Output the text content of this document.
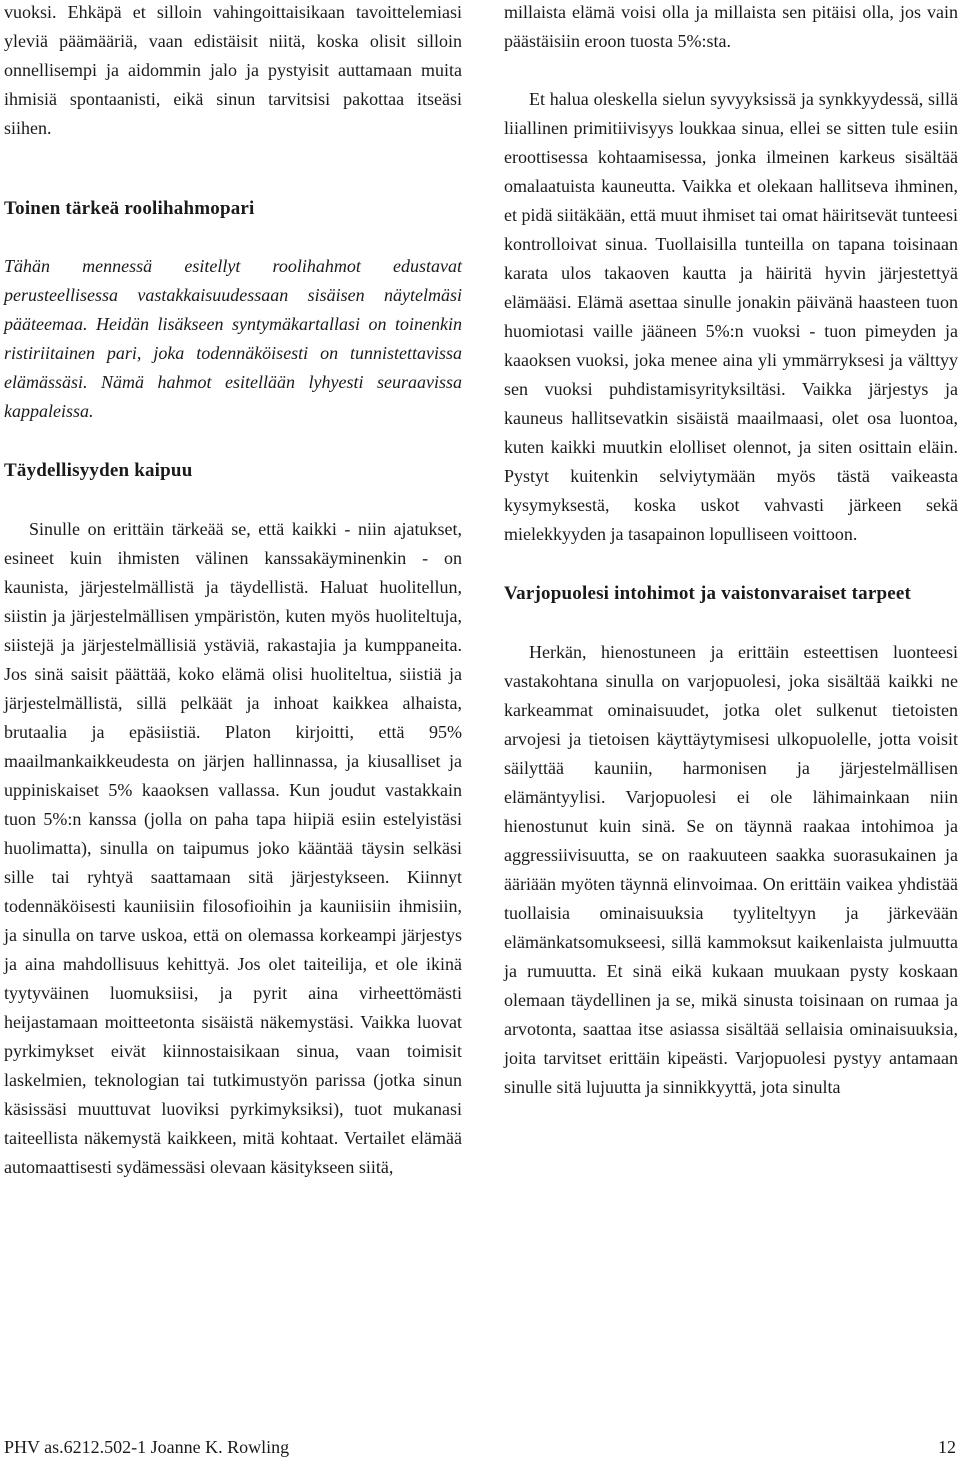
vuoksi. Ehkäpä et silloin vahingoittaisikaan tavoittelemiasi yleviä päämääriä, vaan edistäisit niitä, koska olisit silloin onnellisempi ja aidommin jalo ja pystyisit auttamaan muita ihmisiä spontaanisti, eikä sinun tarvitsisi pakottaa itseäsi siihen.

Toinen tärkeä roolihahmopari

Tähän mennessä esitellyt roolihahmot edustavat perusteellisessa vastakkaisuudessaan sisäisen näytelmäsi pääteemaa. Heidän lisäkseen syntymäkartallasi on toinenkin ristiriitainen pari, joka todennäköisesti on tunnistettavissa elämässäsi. Nämä hahmot esitellään lyhyesti seuraavissa kappaleissa.

Täydellisyyden kaipuu

Sinulle on erittäin tärkeää se, että kaikki - niin ajatukset, esineet kuin ihmisten välinen kanssakäyminenkin - on kaunista, järjestelmällistä ja täydellistä. Haluat huolitellun, siistin ja järjestelmällisen ympäristön, kuten myös huoliteltuja, siistejä ja järjestelmällisiä ystäviä, rakastajia ja kumppaneita. Jos sinä saisit päättää, koko elämä olisi huoliteltua, siistiä ja järjestelmällistä, sillä pelkäät ja inhoat kaikkea alhaista, brutaalia ja epäsiistiä. Platon kirjoitti, että 95% maailmankaikkeudesta on järjen hallinnassa, ja kiusalliset ja uppiniskaiset 5% kaaoksen vallassa. Kun joudut vastakkain tuon 5%:n kanssa (jolla on paha tapa hiipiä esiin estelyistäsi huolimatta), sinulla on taipumus joko kääntää täysin selkäsi sille tai ryhtyä saattamaan sitä järjestykseen. Kiinnyt todennäköisesti kauniisiin filosofioihin ja kauniisiin ihmisiin, ja sinulla on tarve uskoa, että on olemassa korkeampi järjestys ja aina mahdollisuus kehittyä. Jos olet taiteilija, et ole ikinä tyytyväinen luomuksiisi, ja pyrit aina virheettömästi heijastamaan moitteetonta sisäistä näkemystäsi. Vaikka luovat pyrkimykset eivät kiinnostaisikaan sinua, vaan toimisit laskelmien, teknologian tai tutkimustyön parissa (jotka sinun käsissäsi muuttuvat luoviksi pyrkimyksiksi), tuot mukanasi taiteellista näkemystä kaikkeen, mitä kohtaat. Vertailet elämää automaattisesti sydämessäsi olevaan käsitykseen siitä,

millaista elämä voisi olla ja millaista sen pitäisi olla, jos vain päästäisiin eroon tuosta 5%:sta.

Et halua oleskella sielun syvyyksissä ja synkkyydessä, sillä liiallinen primitiivisyys loukkaa sinua, ellei se sitten tule esiin eroottisessa kohtaamisessa, jonka ilmeinen karkeus sisältää omalaatuista kauneutta. Vaikka et olekaan hallitseva ihminen, et pidä siitäkään, että muut ihmiset tai omat häiritsevät tunteesi kontrolloivat sinua. Tuollaisilla tunteilla on tapana toisinaan karata ulos takaoven kautta ja häiritä hyvin järjestettyä elämääsi. Elämä asettaa sinulle jonakin päivänä haasteen tuon huomiotasi vaille jääneen 5%:n vuoksi - tuon pimeyden ja kaaoksen vuoksi, joka menee aina yli ymmärryksesi ja välttyy sen vuoksi puhdistamisyrityksiltäsi. Vaikka järjestys ja kauneus hallitsevatkin sisäistä maailmaasi, olet osa luontoa, kuten kaikki muutkin elolliset olennot, ja siten osittain eläin. Pystyt kuitenkin selviytymään myös tästä vaikeasta kysymyksestä, koska uskot vahvasti järkeen sekä mielekkyyden ja tasapainon lopulliseen voittoon.

Varjopuolesi intohimot ja vaistonvaraiset tarpeet

Herkän, hienostuneen ja erittäin esteettisen luonteesi vastakohtana sinulla on varjopuolesi, joka sisältää kaikki ne karkeammat ominaisuudet, jotka olet sulkenut tietoisten arvojesi ja tietoisen käyttäytymisesi ulkopuolelle, jotta voisit säilyttää kauniin, harmonisen ja järjestelmällisen elämäntyylisi. Varjopuolesi ei ole lähimainkaan niin hienostunut kuin sinä. Se on täynnä raakaa intohimoa ja aggressiivisuutta, se on raakuuteen saakka suorasukainen ja ääriään myöten täynnä elinvoimaa. On erittäin vaikea yhdistää tuollaisia ominaisuuksia tyyliteltyyn ja järkevään elämänkatsomukseesi, sillä kammoksut kaikenlaista julmuutta ja rumuutta. Et sinä eikä kukaan muukaan pysty koskaan olemaan täydellinen ja se, mikä sinusta toisinaan on rumaa ja arvotonta, saattaa itse asiassa sisältää sellaisia ominaisuuksia, joita tarvitset erittäin kipeästi. Varjopuolesi pystyy antamaan sinulle sitä lujuutta ja sinnikkyyttä, jota sinulta

PHV as.6212.502-1 Joanne K. Rowling	12
